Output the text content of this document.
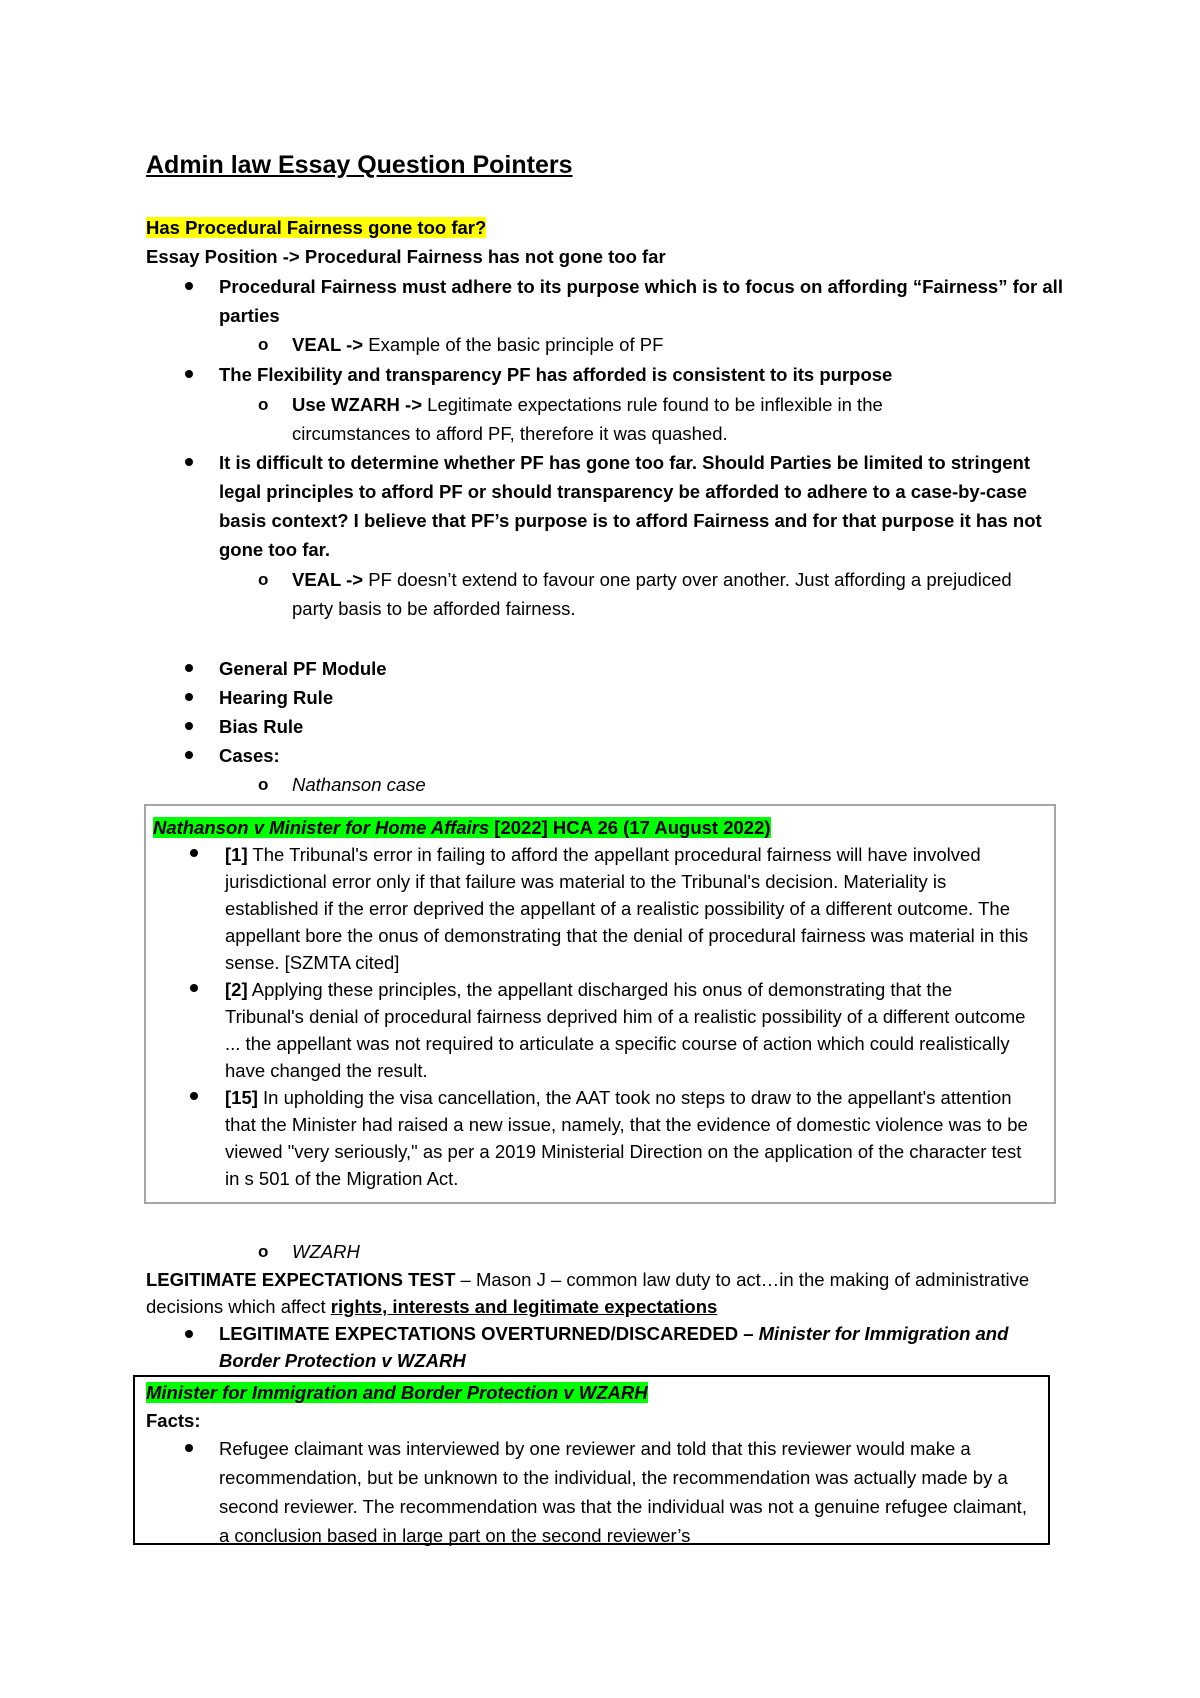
Admin law Essay Question Pointers
Has Procedural Fairness gone too far?
Essay Position -> Procedural Fairness has not gone too far
Procedural Fairness must adhere to its purpose which is to focus on affording “Fairness” for all parties
o VEAL -> Example of the basic principle of PF
The Flexibility and transparency PF has afforded is consistent to its purpose
o Use WZARH -> Legitimate expectations rule found to be inflexible in the circumstances to afford PF, therefore it was quashed.
It is difficult to determine whether PF has gone too far. Should Parties be limited to stringent legal principles to afford PF or should transparency be afforded to adhere to a case-by-case basis context? I believe that PF’s purpose is to afford Fairness and for that purpose it has not gone too far.
o VEAL -> PF doesn’t extend to favour one party over another. Just affording a prejudiced party basis to be afforded fairness.
General PF Module
Hearing Rule
Bias Rule
Cases:
o Nathanson case
Nathanson v Minister for Home Affairs [2022] HCA 26 (17 August 2022)
[1] The Tribunal's error in failing to afford the appellant procedural fairness will have involved jurisdictional error only if that failure was material to the Tribunal's decision. Materiality is established if the error deprived the appellant of a realistic possibility of a different outcome. The appellant bore the onus of demonstrating that the denial of procedural fairness was material in this sense. [SZMTA cited]
[2] Applying these principles, the appellant discharged his onus of demonstrating that the Tribunal's denial of procedural fairness deprived him of a realistic possibility of a different outcome ... the appellant was not required to articulate a specific course of action which could realistically have changed the result.
[15] In upholding the visa cancellation, the AAT took no steps to draw to the appellant's attention that the Minister had raised a new issue, namely, that the evidence of domestic violence was to be viewed "very seriously," as per a 2019 Ministerial Direction on the application of the character test in s 501 of the Migration Act.
o WZARH
LEGITIMATE EXPECTATIONS TEST – Mason J – common law duty to act…in the making of administrative decisions which affect rights, interests and legitimate expectations
LEGITIMATE EXPECTATIONS OVERTURNED/DISCAREDED – Minister for Immigration and Border Protection v WZARH
Minister for Immigration and Border Protection v WZARH
Facts:
Refugee claimant was interviewed by one reviewer and told that this reviewer would make a recommendation, but be unknown to the individual, the recommendation was actually made by a second reviewer. The recommendation was that the individual was not a genuine refugee claimant, a conclusion based in large part on the second reviewer’s
